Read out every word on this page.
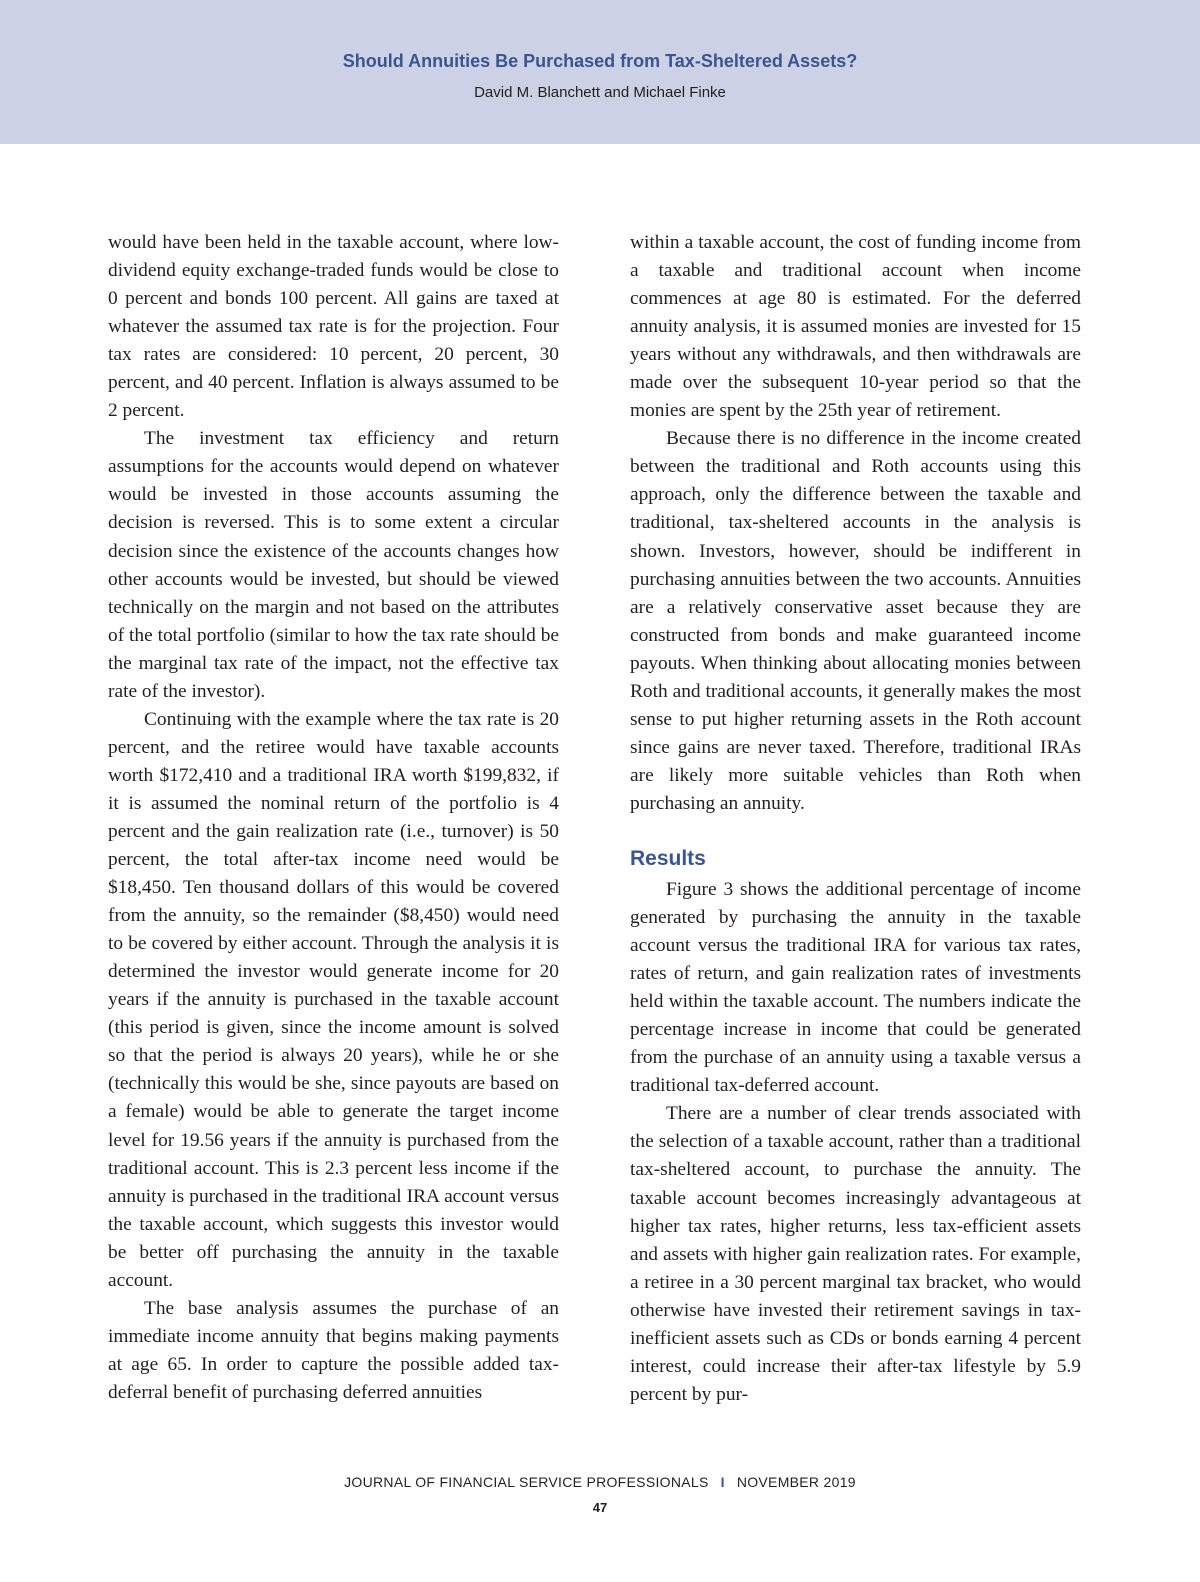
Should Annuities Be Purchased from Tax-Sheltered Assets?
David M. Blanchett and Michael Finke

would have been held in the taxable account, where low-dividend equity exchange-traded funds would be close to 0 percent and bonds 100 percent. All gains are taxed at whatever the assumed tax rate is for the projection. Four tax rates are considered: 10 percent, 20 percent, 30 percent, and 40 percent. Inflation is always assumed to be 2 percent.

The investment tax efficiency and return assumptions for the accounts would depend on whatever would be invested in those accounts assuming the decision is reversed. This is to some extent a circular decision since the existence of the accounts changes how other accounts would be invested, but should be viewed technically on the margin and not based on the attributes of the total portfolio (similar to how the tax rate should be the marginal tax rate of the impact, not the effective tax rate of the investor).

Continuing with the example where the tax rate is 20 percent, and the retiree would have taxable accounts worth $172,410 and a traditional IRA worth $199,832, if it is assumed the nominal return of the portfolio is 4 percent and the gain realization rate (i.e., turnover) is 50 percent, the total after-tax income need would be $18,450. Ten thousand dollars of this would be covered from the annuity, so the remainder ($8,450) would need to be covered by either account. Through the analysis it is determined the investor would generate income for 20 years if the annuity is purchased in the taxable account (this period is given, since the income amount is solved so that the period is always 20 years), while he or she (technically this would be she, since payouts are based on a female) would be able to generate the target income level for 19.56 years if the annuity is purchased from the traditional account. This is 2.3 percent less income if the annuity is purchased in the traditional IRA account versus the taxable account, which suggests this investor would be better off purchasing the annuity in the taxable account.

The base analysis assumes the purchase of an immediate income annuity that begins making payments at age 65. In order to capture the possible added tax-deferral benefit of purchasing deferred annuities

within a taxable account, the cost of funding income from a taxable and traditional account when income commences at age 80 is estimated. For the deferred annuity analysis, it is assumed monies are invested for 15 years without any withdrawals, and then withdrawals are made over the subsequent 10-year period so that the monies are spent by the 25th year of retirement.

Because there is no difference in the income created between the traditional and Roth accounts using this approach, only the difference between the taxable and traditional, tax-sheltered accounts in the analysis is shown. Investors, however, should be indifferent in purchasing annuities between the two accounts. Annuities are a relatively conservative asset because they are constructed from bonds and make guaranteed income payouts. When thinking about allocating monies between Roth and traditional accounts, it generally makes the most sense to put higher returning assets in the Roth account since gains are never taxed. Therefore, traditional IRAs are likely more suitable vehicles than Roth when purchasing an annuity.

Results

Figure 3 shows the additional percentage of income generated by purchasing the annuity in the taxable account versus the traditional IRA for various tax rates, rates of return, and gain realization rates of investments held within the taxable account. The numbers indicate the percentage increase in income that could be generated from the purchase of an annuity using a taxable versus a traditional tax-deferred account.

There are a number of clear trends associated with the selection of a taxable account, rather than a traditional tax-sheltered account, to purchase the annuity. The taxable account becomes increasingly advantageous at higher tax rates, higher returns, less tax-efficient assets and assets with higher gain realization rates. For example, a retiree in a 30 percent marginal tax bracket, who would otherwise have invested their retirement savings in tax-inefficient assets such as CDs or bonds earning 4 percent interest, could increase their after-tax lifestyle by 5.9 percent by pur-

JOURNAL OF FINANCIAL SERVICE PROFESSIONALS I NOVEMBER 2019
47
